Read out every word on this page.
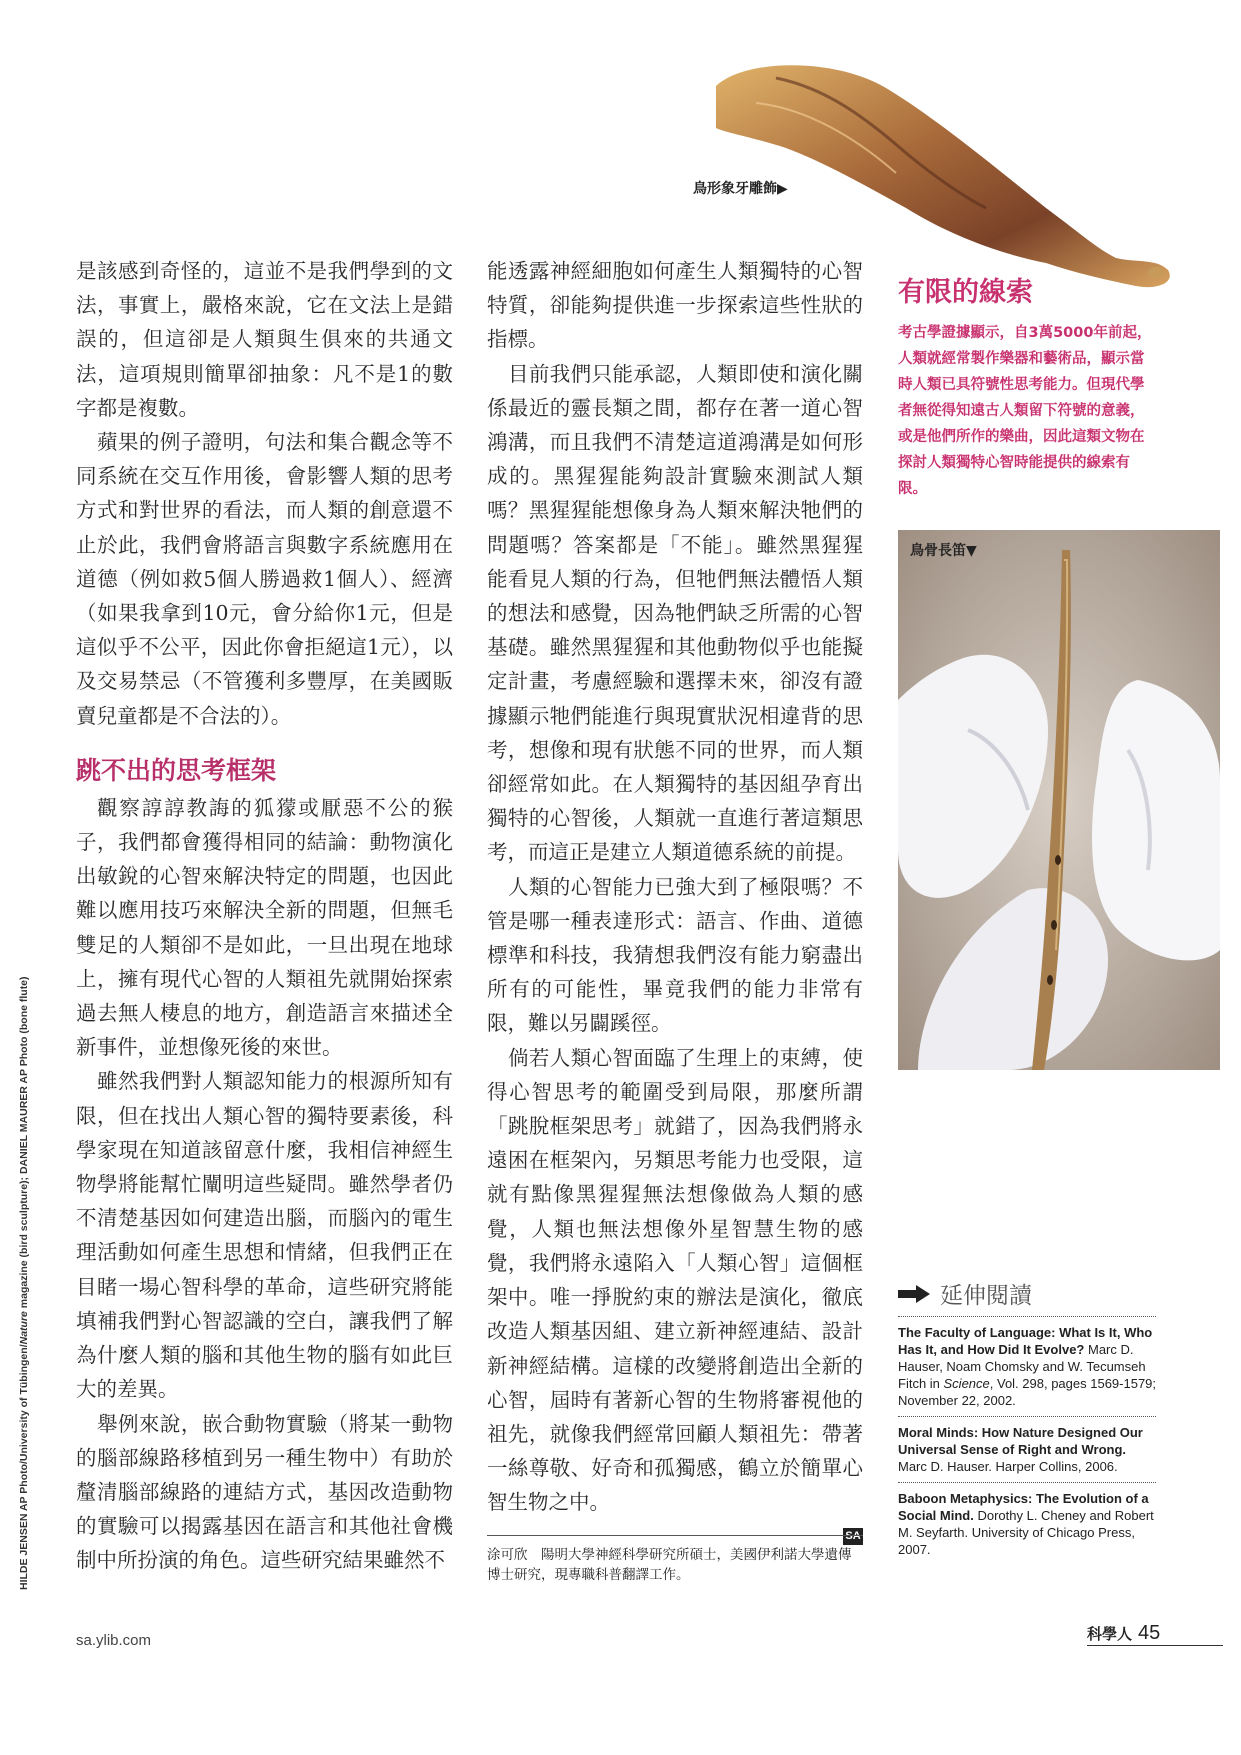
HILDE JENSEN AP Photo/University of Tübingen/Nature magazine (bird sculpture); DANIEL MAURER AP Photo (bone flute)
鳥形象牙雕飾▶

是該感到奇怪的，這並不是我們學到的文法，事實上，嚴格來說，它在文法上是錯誤的，但這卻是人類與生俱來的共通文法，這項規則簡單卻抽象：凡不是1的數字都是複數。

蘋果的例子證明，句法和集合觀念等不同系統在交互作用後，會影響人類的思考方式和對世界的看法，而人類的創意還不止於此，我們會將語言與數字系統應用在道德（例如救5個人勝過救1個人）、經濟（如果我拿到10元，會分給你1元，但是這似乎不公平，因此你會拒絕這1元），以及交易禁忌（不管獲利多豐厚，在美國販賣兒童都是不合法的）。

跳不出的思考框架

觀察諄諄教誨的狐獴或厭惡不公的猴子，我們都會獲得相同的結論：動物演化出敏銳的心智來解決特定的問題，也因此難以應用技巧來解決全新的問題，但無毛雙足的人類卻不是如此，一旦出現在地球上，擁有現代心智的人類祖先就開始探索過去無人棲息的地方，創造語言來描述全新事件，並想像死後的來世。

雖然我們對人類認知能力的根源所知有限，但在找出人類心智的獨特要素後，科學家現在知道該留意什麼，我相信神經生物學將能幫忙闡明這些疑問。雖然學者仍不清楚基因如何建造出腦，而腦內的電生理活動如何產生思想和情緒，但我們正在目睹一場心智科學的革命，這些研究將能填補我們對心智認識的空白，讓我們了解為什麼人類的腦和其他生物的腦有如此巨大的差異。

舉例來說，嵌合動物實驗（將某一動物的腦部線路移植到另一種生物中）有助於釐清腦部線路的連結方式，基因改造動物的實驗可以揭露基因在語言和其他社會機制中所扮演的角色。這些研究結果雖然不

能透露神經細胞如何產生人類獨特的心智特質，卻能夠提供進一步探索這些性狀的指標。

目前我們只能承認，人類即使和演化關係最近的靈長類之間，都存在著一道心智鴻溝，而且我們不清楚這道鴻溝是如何形成的。黑猩猩能夠設計實驗來測試人類嗎？黑猩猩能想像身為人類來解決牠們的問題嗎？答案都是「不能」。雖然黑猩猩能看見人類的行為，但牠們無法體悟人類的想法和感覺，因為牠們缺乏所需的心智基礎。雖然黑猩猩和其他動物似乎也能擬定計畫，考慮經驗和選擇未來，卻沒有證據顯示牠們能進行與現實狀況相違背的思考，想像和現有狀態不同的世界，而人類卻經常如此。在人類獨特的基因組孕育出獨特的心智後，人類就一直進行著這類思考，而這正是建立人類道德系統的前提。

人類的心智能力已強大到了極限嗎？不管是哪一種表達形式：語言、作曲、道德標準和科技，我猜想我們沒有能力窮盡出所有的可能性，畢竟我們的能力非常有限，難以另闢蹊徑。

倘若人類心智面臨了生理上的束縛，使得心智思考的範圍受到局限，那麼所謂「跳脫框架思考」就錯了，因為我們將永遠困在框架內，另類思考能力也受限，這就有點像黑猩猩無法想像做為人類的感覺，人類也無法想像外星智慧生物的感覺，我們將永遠陷入「人類心智」這個框架中。唯一掙脫約束的辦法是演化，徹底改造人類基因組、建立新神經連結、設計新神經結構。這樣的改變將創造出全新的心智，屆時有著新心智的生物將審視他的祖先，就像我們經常回顧人類祖先：帶著一絲尊敬、好奇和孤獨感，鶴立於簡單心智生物之中。

SA
涂可欣　陽明大學神經科學研究所碩士，美國伊利諾大學遺傳博士研究，現專職科普翻譯工作。
有限的線索
考古學證據顯示，自3萬5000年前起，人類就經常製作樂器和藝術品，顯示當時人類已具符號性思考能力。但現代學者無從得知遠古人類留下符號的意義，或是他們所作的樂曲，因此這類文物在探討人類獨特心智時能提供的線索有限。
鳥骨長笛▼
延伸閱讀
The Faculty of Language: What Is It, Who Has It, and How Did It Evolve? Marc D. Hauser, Noam Chomsky and W. Tecumseh Fitch in Science, Vol. 298, pages 1569-1579; November 22, 2002.
Moral Minds: How Nature Designed Our Universal Sense of Right and Wrong. Marc D. Hauser. Harper Collins, 2006.
Baboon Metaphysics: The Evolution of a Social Mind. Dorothy L. Cheney and Robert M. Seyfarth. University of Chicago Press, 2007.
sa.ylib.com	科學人 45
